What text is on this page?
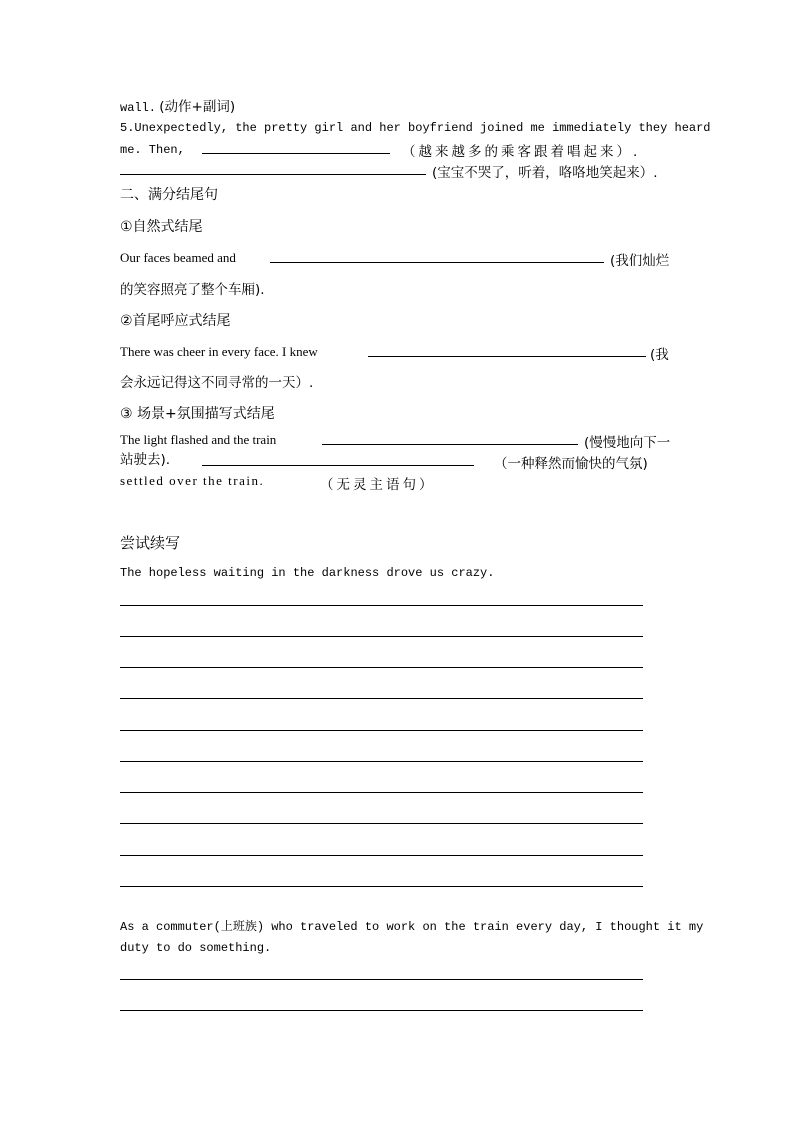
wall. (动作+副词)
5.Unexpectedly, the pretty girl and her boyfriend joined me immediately they heard
me. Then,	（越来越多的乘客跟着唱起来）.
(宝宝不哭了，听着，咯咯地笑起来）.
二、满分结尾句
①自然式结尾
Our faces beamed and	(我们灿烂
的笑容照亮了整个车厢).
②首尾呼应式结尾
There was cheer in every face. I knew	(我
会永远记得这不同寻常的一天）.
③ 场景+氛围描写式结尾
The light flashed and the train	(慢慢地向下一
站驶去).	（一种释然而愉快的气氛)
settled over the train.	（无灵主语句）
尝试续写
The hopeless waiting in the darkness drove us crazy.
As a commuter(上班族) who traveled to work on the train every day, I thought it my
duty to do something.
